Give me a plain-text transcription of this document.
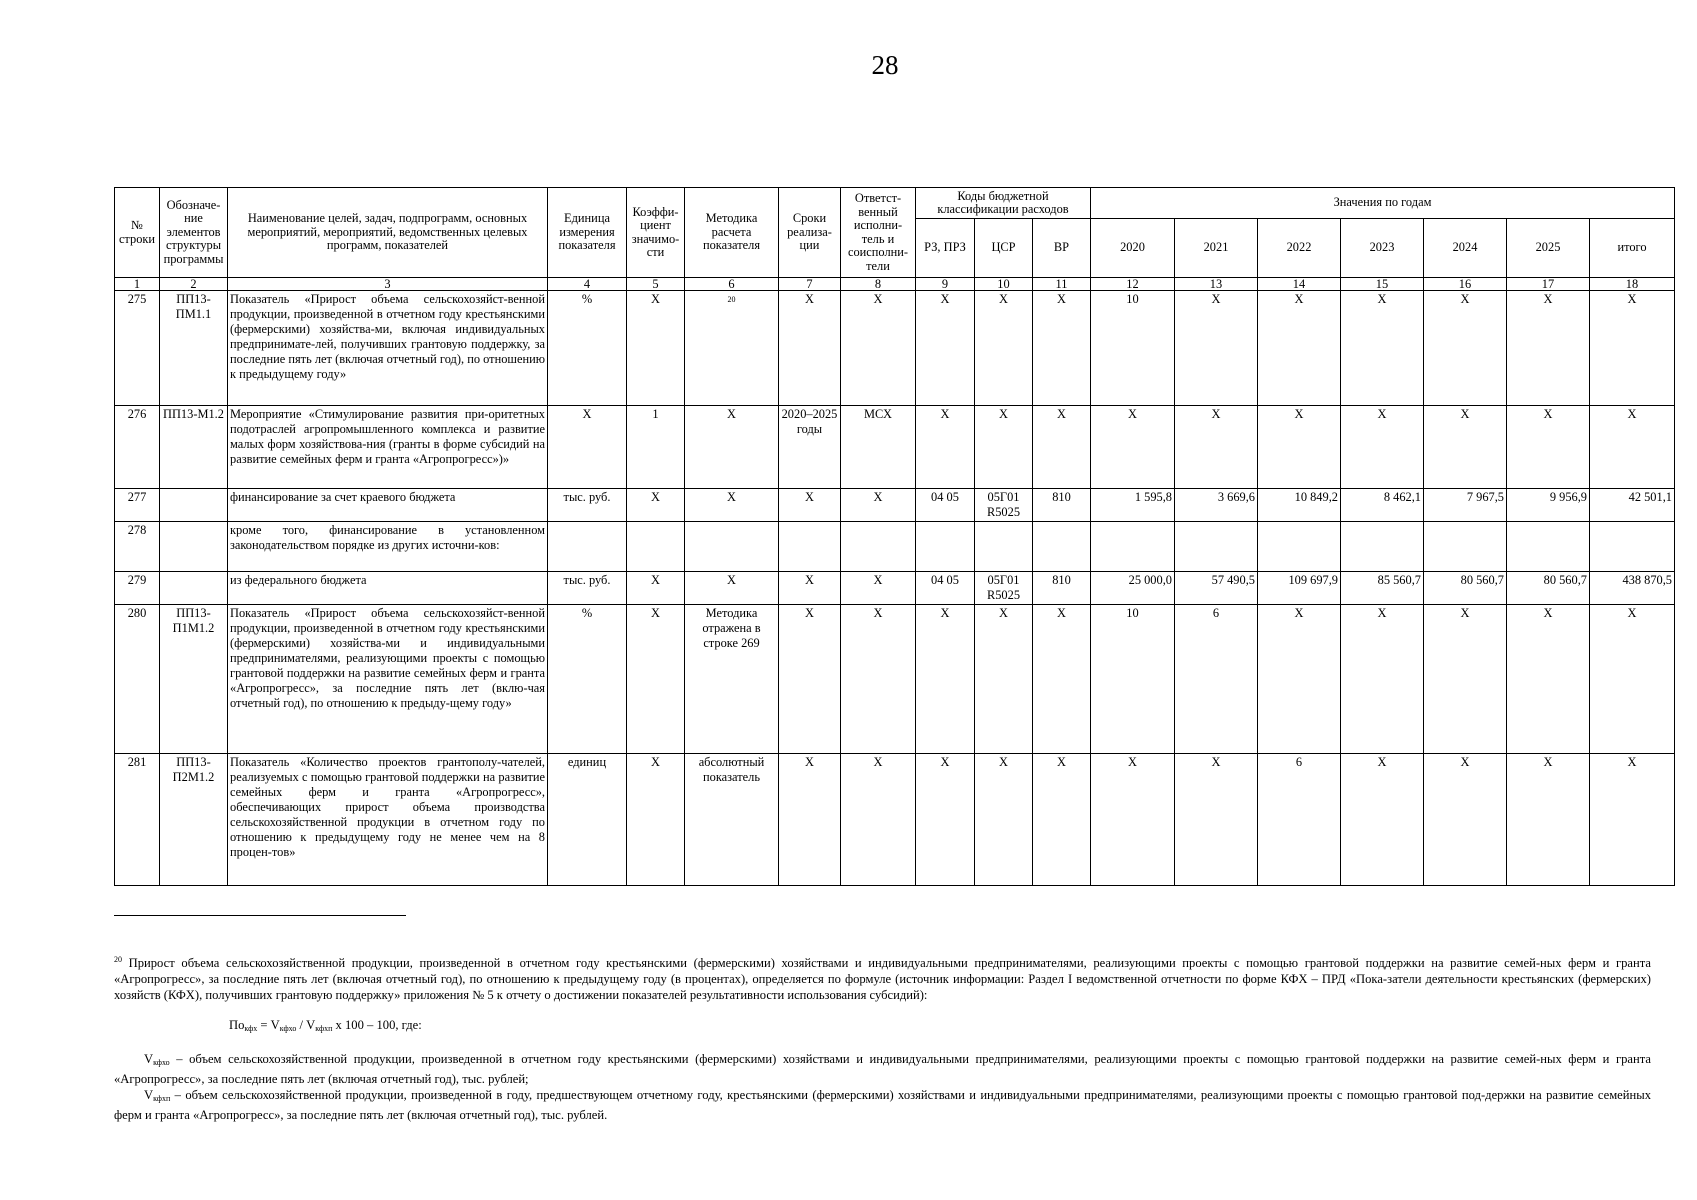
28
№ строки	Обозначе-ние элементов структуры программы	Наименование целей, задач, подпрограмм, основных мероприятий, мероприятий, ведомственных целевых программ, показателей	Единица измерения показателя	Коэффи-циент значимо-сти	Методика расчета показателя	Сроки реализа-ции	Ответст-венный исполни-тель и соисполни-тели	Коды бюджетной классификации расходов			Значения по годам						
								РЗ, ПРЗ	ЦСР	ВР	2020	2021	2022	2023	2024	2025	итого
1	2	3	4	5	6	7	8	9	10	11	12	13	14	15	16	17	18
275	ПП13-ПМ1.1	Показатель «Прирост объема сельскохозяйст-венной продукции, произведенной в отчетном году крестьянскими (фермерскими) хозяйства-ми, включая индивидуальных предпринимате-лей, получивших грантовую поддержку, за последние пять лет (включая отчетный год), по отношению к предыдущему году»	%	X	$^{20}$	X	X	X	X	X	10	X	X	X	X	X	X
276	ПП13-М1.2	Мероприятие «Стимулирование развития при-оритетных подотраслей агропромышленного комплекса и развитие малых форм хозяйствова-ния (гранты в форме субсидий на развитие семейных ферм и гранта «Агропрогресс»)»	X	1	X	2020–2025 годы	МСХ	X	X	X	X	X	X	X	X	X	X
277		финансирование за счет краевого бюджета	тыс. руб.	X	X	X	X	04 05	05Г01 R5025	810	1 595,8	3 669,6	10 849,2	8 462,1	7 967,5	9 956,9	42 501,1
278		кроме того, финансирование в установленном законодательством порядке из других источни-ков:															
279		из федерального бюджета	тыс. руб.	X	X	X	X	04 05	05Г01 R5025	810	25 000,0	57 490,5	109 697,9	85 560,7	80 560,7	80 560,7	438 870,5
280	ПП13-П1М1.2	Показатель «Прирост объема сельскохозяйст-венной продукции, произведенной в отчетном году крестьянскими (фермерскими) хозяйства-ми и индивидуальными предпринимателями, реализующими проекты с помощью грантовой поддержки на развитие семейных ферм и гранта «Агропрогресс», за последние пять лет (вклю-чая отчетный год), по отношению к предыду-щему году»	%	X	Методика отражена в строке 269	X	X	X	X	X	10	6	X	X	X	X	X
281	ПП13-П2М1.2	Показатель «Количество проектов грантополу-чателей, реализуемых с помощью грантовой поддержки на развитие семейных ферм и гранта «Агропрогресс», обеспечивающих прирост объема производства сельскохозяйственной продукции в отчетном году по отношению к предыдущему году не менее чем на 8 процен-тов»	единиц	X	абсолютный показатель	X	X	X	X	X	X	X	6	X	X	X	X

$^{20}$ Прирост объема сельскохозяйственной продукции, произведенной в отчетном году крестьянскими (фермерскими) хозяйствами и индивидуальными предпринимателями, реализующими проекты с помощью грантовой поддержки на развитие семей-ных ферм и гранта «Агропрогресс», за последние пять лет (включая отчетный год), по отношению к предыдущему году (в процентах), определяется по формуле (источник информации: Раздел I ведомственной отчетности по форме КФХ – ПРД «Пока-затели деятельности крестьянских (фермерских) хозяйств (КФХ), получивших грантовую поддержку» приложения № 5 к отчету о достижении показателей результативности использования субсидий):

Покфх = Vкфхо / Vкфхп x 100 – 100, где:

Vкфхо – объем сельскохозяйственной продукции, произведенной в отчетном году крестьянскими (фермерскими) хозяйствами и индивидуальными предпринимателями, реализующими проекты с помощью грантовой поддержки на развитие семей-ных ферм и гранта «Агропрогресс», за последние пять лет (включая отчетный год), тыс. рублей;

Vкфхп – объем сельскохозяйственной продукции, произведенной в году, предшествующем отчетному году, крестьянскими (фермерскими) хозяйствами и индивидуальными предпринимателями, реализующими проекты с помощью грантовой под-держки на развитие семейных ферм и гранта «Агропрогресс», за последние пять лет (включая отчетный год), тыс. рублей.
